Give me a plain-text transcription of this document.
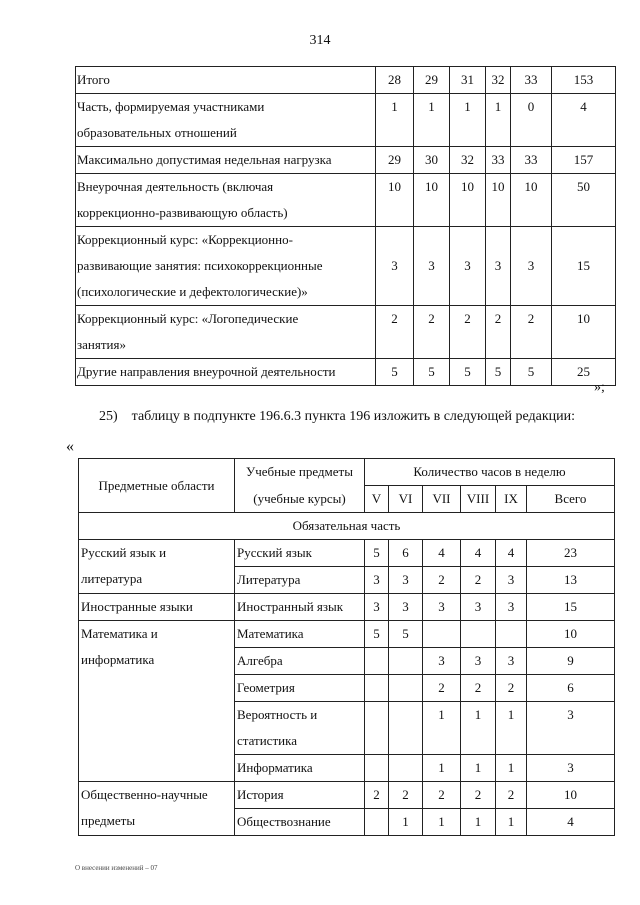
314
Итого	28	29	31	32	33	153

Часть, формируемая участниками
образовательных отношений	1	1	1	1	0	4

Максимально допустимая недельная нагрузка	29	30	32	33	33	157

Внеурочная деятельность (включая
коррекционно-развивающую область)	10	10	10	10	10	50

Коррекционный курс: «Коррекционно-
развивающие занятия: психокоррекционные
(психологические и дефектологические)»	3	3	3	3	3	15

Коррекционный курс: «Логопедические
занятия»	2	2	2	2	2	10

Другие направления внеурочной деятельности	5	5	5	5	5	25
»;
25)    таблицу в подпункте 196.6.3 пункта 196 изложить в следующей редакции:
«
Предметные области	Учебные предметы	Количество часов в неделю					
	(учебные курсы)	V	VI	VII	VIII	IX	Всего
Обязательная часть							

Русский язык и
литература	Русский язык	5	6	4	4	4	23

	Литература	3	3	2	2	3	13

Иностранные языки	Иностранный язык	3	3	3	3	3	15

Математика и
информатика	Математика	5	5				10

	Алгебра			3	3	3	9

	Геометрия			2	2	2	6

	Вероятность и
статистика			1	1	1	3

	Информатика			1	1	1	3

Общественно-научные
предметы	История	2	2	2	2	2	10

	Обществознание		1	1	1	1	4
О внесении изменений – 07
